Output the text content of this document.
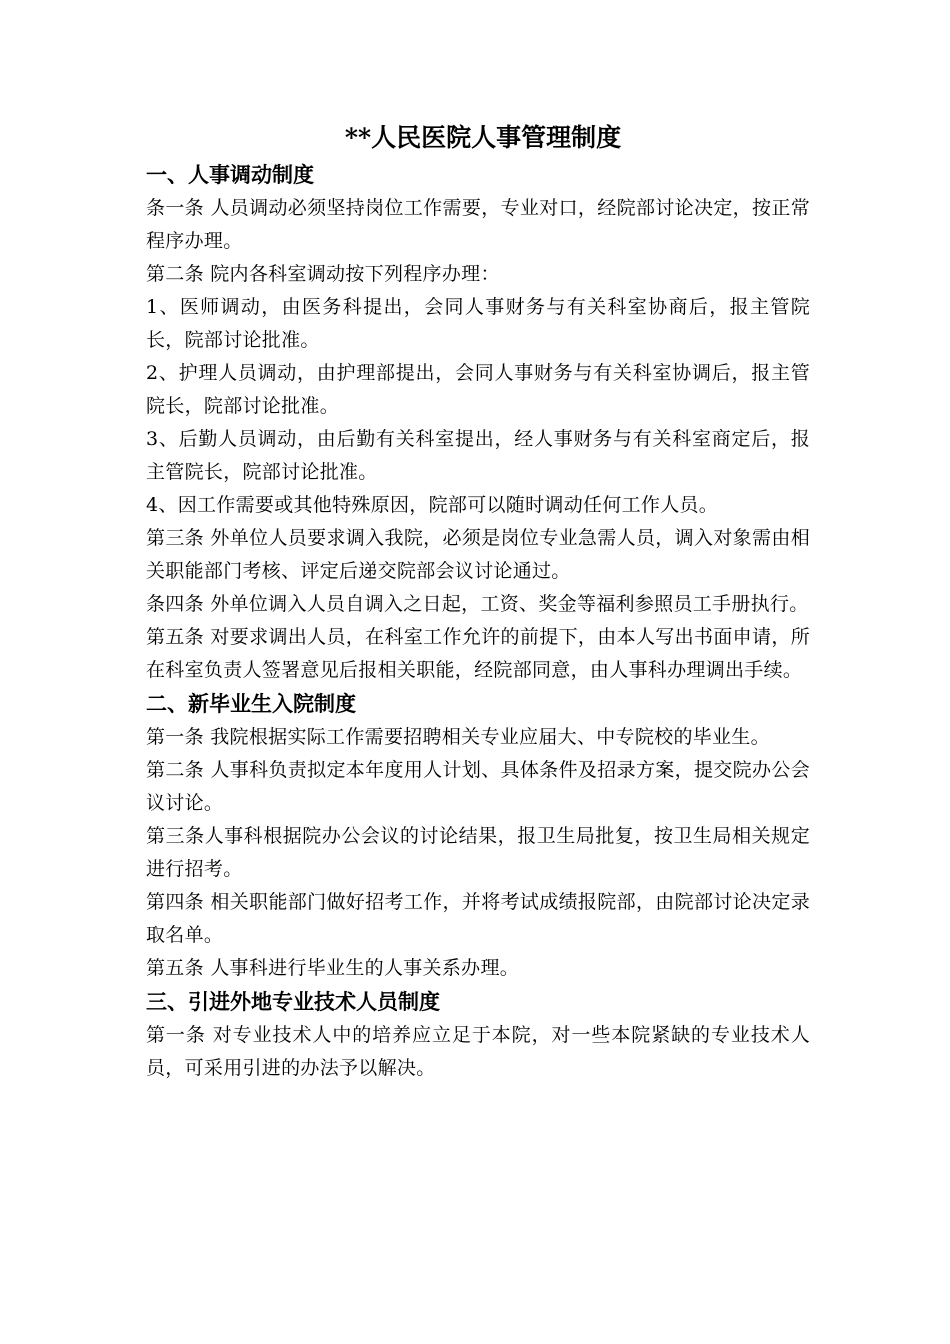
**人民医院人事管理制度
一、人事调动制度

条一条 人员调动必须坚持岗位工作需要，专业对口，经院部讨论决定，按正常程序办理。

第二条 院内各科室调动按下列程序办理：

1、医师调动，由医务科提出，会同人事财务与有关科室协商后，报主管院长，院部讨论批准。

2、护理人员调动，由护理部提出，会同人事财务与有关科室协调后，报主管院长，院部讨论批准。

3、后勤人员调动，由后勤有关科室提出，经人事财务与有关科室商定后，报主管院长，院部讨论批准。

4、因工作需要或其他特殊原因，院部可以随时调动任何工作人员。

第三条 外单位人员要求调入我院，必须是岗位专业急需人员，调入对象需由相关职能部门考核、评定后递交院部会议讨论通过。

条四条 外单位调入人员自调入之日起，工资、奖金等福利参照员工手册执行。

第五条 对要求调出人员，在科室工作允许的前提下，由本人写出书面申请，所在科室负责人签署意见后报相关职能，经院部同意，由人事科办理调出手续。

二、新毕业生入院制度

第一条 我院根据实际工作需要招聘相关专业应届大、中专院校的毕业生。

第二条 人事科负责拟定本年度用人计划、具体条件及招录方案，提交院办公会议讨论。

第三条人事科根据院办公会议的讨论结果，报卫生局批复，按卫生局相关规定进行招考。

第四条 相关职能部门做好招考工作，并将考试成绩报院部，由院部讨论决定录取名单。

第五条 人事科进行毕业生的人事关系办理。

三、引进外地专业技术人员制度

第一条 对专业技术人中的培养应立足于本院，对一些本院紧缺的专业技术人员，可采用引进的办法予以解决。
